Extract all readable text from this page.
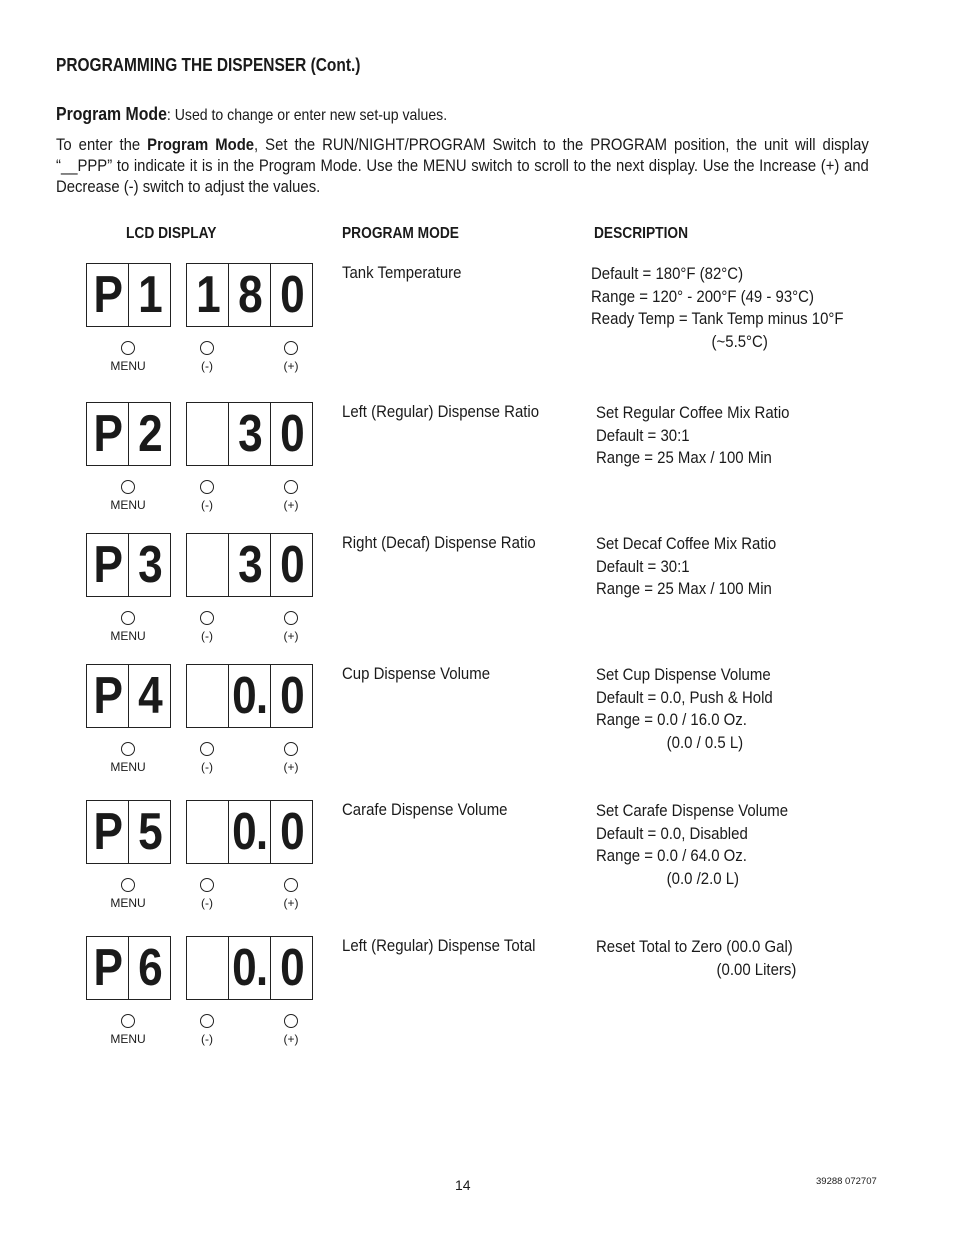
PROGRAMMING THE DISPENSER (Cont.)
Program Mode: Used to change or enter new set-up values.
To enter the Program Mode, Set the RUN/NIGHT/PROGRAM Switch to the PROGRAM position, the unit will display “__PPP” to indicate it is in the Program Mode. Use the MENU switch to scroll to the next display. Use the Increase (+) and Decrease (-) switch to adjust the values.
LCD DISPLAY	PROGRAM MODE	DESCRIPTION
P 1 1 8 0
MENU	(-)	(+)
Tank Temperature	Default = 180°F (82°C)
Range = 120° - 200°F (49 - 93°C)
Ready Temp = Tank Temp minus 10°F
(~5.5°C)
P 2 3 0
MENU	(-)	(+)
Left (Regular) Dispense Ratio	Set Regular Coffee Mix Ratio
Default = 30:1
Range = 25 Max / 100 Min
P 3 3 0
MENU	(-)	(+)
Right (Decaf) Dispense Ratio	Set Decaf Coffee Mix Ratio
Default = 30:1
Range = 25 Max / 100 Min
P 4 0. 0
MENU	(-)	(+)
Cup Dispense Volume	Set Cup Dispense Volume
Default = 0.0, Push & Hold
Range = 0.0 / 16.0 Oz.
(0.0 / 0.5 L)
P 5 0. 0
MENU	(-)	(+)
Carafe Dispense Volume	Set Carafe Dispense Volume
Default = 0.0, Disabled
Range = 0.0 / 64.0 Oz.
(0.0 /2.0 L)
P 6 0. 0
MENU	(-)	(+)
Left (Regular) Dispense Total	Reset Total to Zero (00.0 Gal)
(0.00 Liters)
14	39288 072707
